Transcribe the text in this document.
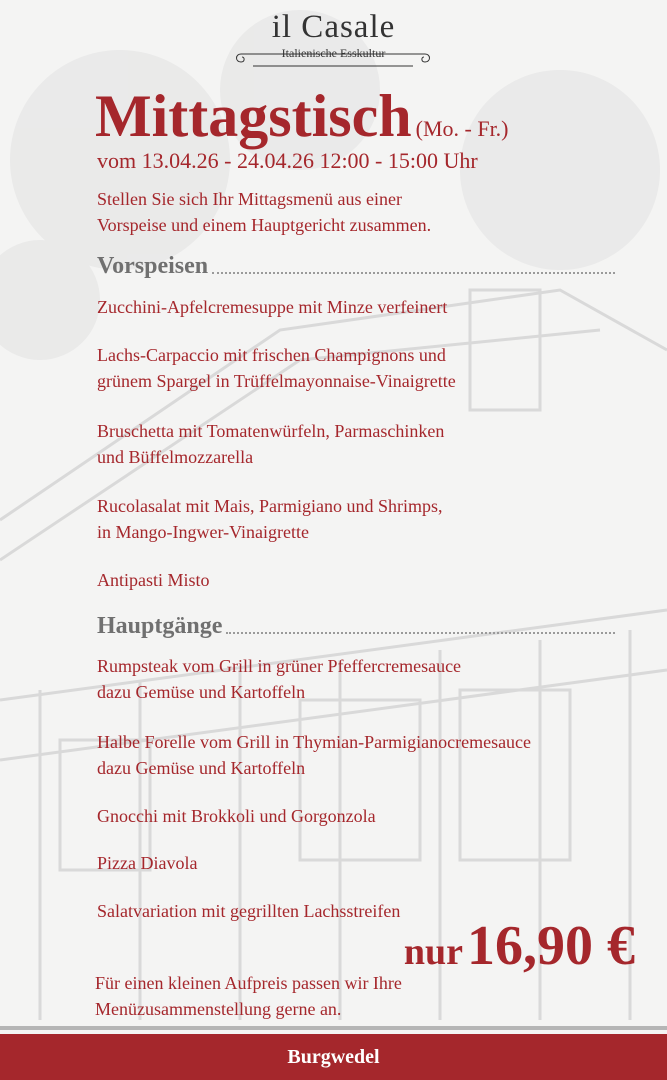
il Casale
Italienische Esskultur
Mittagstisch (Mo. - Fr.)
vom 13.04.26 - 24.04.26 12:00 - 15:00 Uhr
Stellen Sie sich Ihr Mittagsmenü aus einer
Vorspeise und einem Hauptgericht zusammen.
Vorspeisen
Zucchini-Apfelcremesuppe mit Minze verfeinert
Lachs-Carpaccio mit frischen Champignons und
grünem Spargel in Trüffelmayonnaise-Vinaigrette
Bruschetta mit Tomatenwürfeln, Parmaschinken
und Büffelmozzarella
Rucolasalat mit Mais, Parmigiano und Shrimps,
in Mango-Ingwer-Vinaigrette
Antipasti Misto
Hauptgänge
Rumpsteak vom Grill in grüner Pfeffercremesauce
dazu Gemüse und Kartoffeln
Halbe Forelle vom Grill in Thymian-Parmigianocremesauce
dazu Gemüse und Kartoffeln
Gnocchi mit Brokkoli und Gorgonzola
Pizza Diavola
Salatvariation mit gegrillten Lachsstreifen
nur 16,90 €
Für einen kleinen Aufpreis passen wir Ihre
Menüzusammenstellung gerne an.
Burgwedel
